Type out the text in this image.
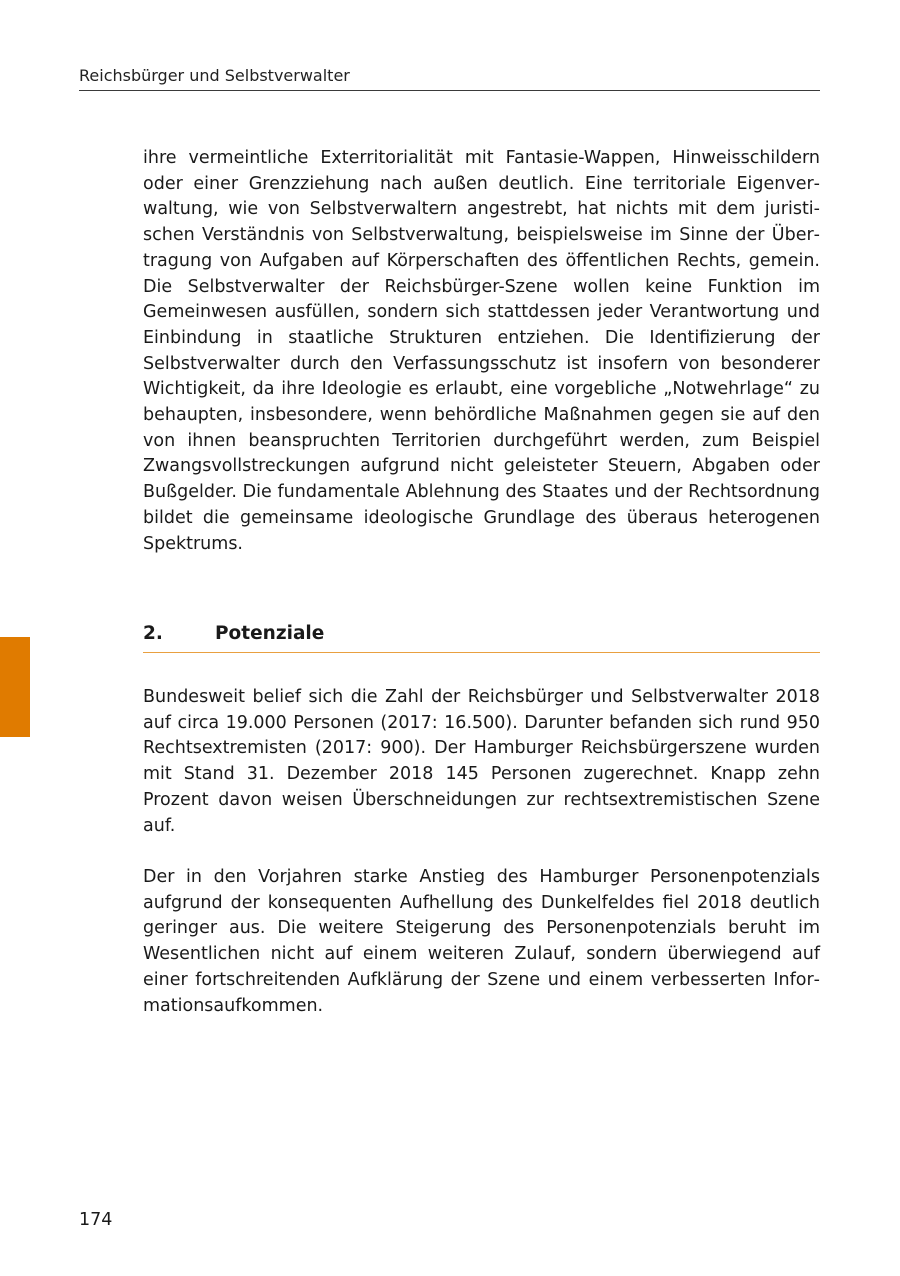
Reichsbürger und Selbstverwalter

ihre vermeintliche Exterritorialität mit Fantasie-Wappen, Hinweisschildern oder einer Grenzziehung nach außen deutlich. Eine territoriale Eigenverwaltung, wie von Selbstverwaltern angestrebt, hat nichts mit dem juristischen Verständnis von Selbstverwaltung, beispielsweise im Sinne der Übertragung von Aufgaben auf Körperschaften des öffentlichen Rechts, gemein. Die Selbstverwalter der Reichsbürger-Szene wollen keine Funktion im Gemeinwesen ausfüllen, sondern sich stattdessen jeder Verantwortung und Einbindung in staatliche Strukturen entziehen. Die Identifizierung der Selbstverwalter durch den Verfassungsschutz ist insofern von besonderer Wichtigkeit, da ihre Ideologie es erlaubt, eine vorgebliche „Notwehrlage“ zu behaupten, insbesondere, wenn behördliche Maßnahmen gegen sie auf den von ihnen beanspruchten Territorien durchgeführt werden, zum Beispiel Zwangsvollstreckungen aufgrund nicht geleisteter Steuern, Abgaben oder Bußgelder. Die fundamentale Ablehnung des Staates und der Rechtsordnung bildet die gemeinsame ideologische Grundlage des überaus heterogenen Spektrums.

2.	Potenziale

Bundesweit belief sich die Zahl der Reichsbürger und Selbstverwalter 2018 auf circa 19.000 Personen (2017: 16.500). Darunter befanden sich rund 950 Rechtsextremisten (2017: 900). Der Hamburger Reichsbürgerszene wurden mit Stand 31. Dezember 2018 145 Personen zugerechnet. Knapp zehn Prozent davon weisen Überschneidungen zur rechtsextremistischen Szene auf.

Der in den Vorjahren starke Anstieg des Hamburger Personenpotenzials aufgrund der konsequenten Aufhellung des Dunkelfeldes fiel 2018 deutlich geringer aus. Die weitere Steigerung des Personenpotenzials beruht im Wesentlichen nicht auf einem weiteren Zulauf, sondern überwiegend auf einer fortschreitenden Aufklärung der Szene und einem verbesserten Informationsaufkommen.

174
